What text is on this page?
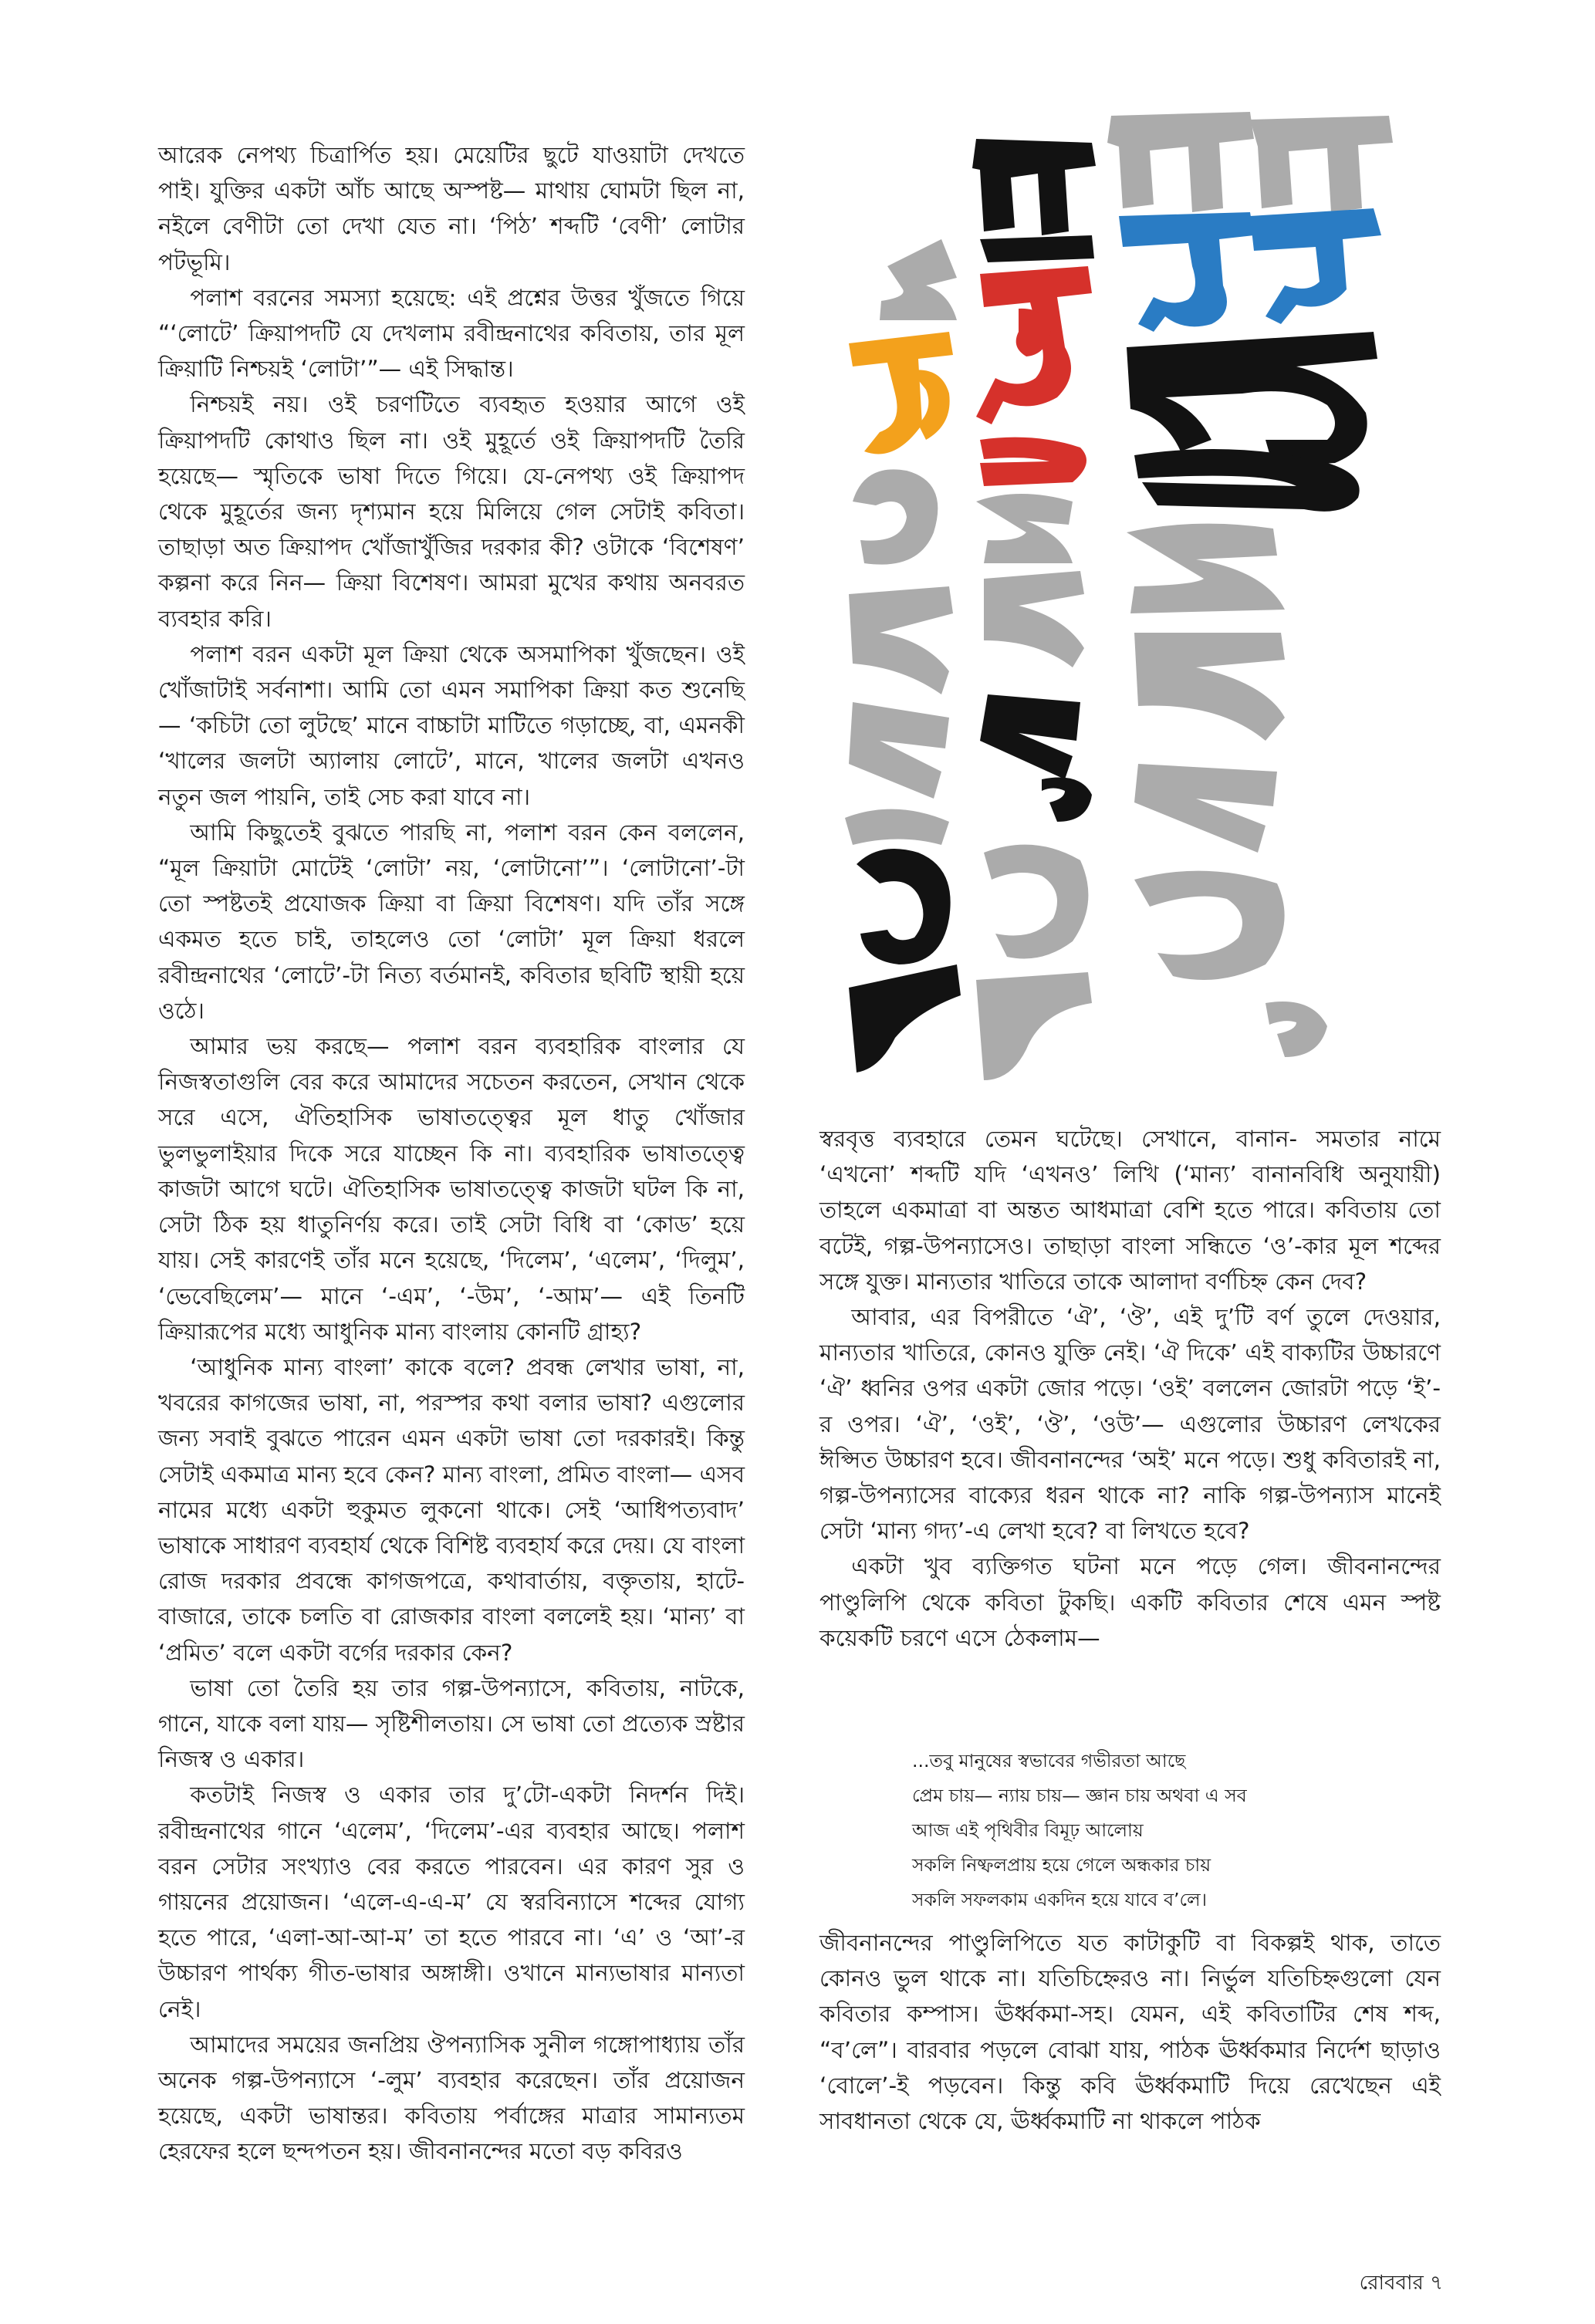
আরেক নেপথ্য চিত্রার্পিত হয়। মেয়েটির ছুটে যাওয়াটা দেখতে পাই। যুক্তির একটা আঁচ আছে অস্পষ্ট— মাথায় ঘোমটা ছিল না, নইলে বেণীটা তো দেখা যেত না। ‘পিঠ’ শব্দটি ‘বেণী’ লোটার পটভূমি।

পলাশ বরনের সমস্যা হয়েছে: এই প্রশ্নের উত্তর খুঁজতে গিয়ে “‘লোটে’ ক্রিয়াপদটি যে দেখলাম রবীন্দ্রনাথের কবিতায়, তার মূল ক্রিয়াটি নিশ্চয়ই ‘লোটা’”— এই সিদ্ধান্ত।

নিশ্চয়ই নয়। ওই চরণটিতে ব্যবহৃত হওয়ার আগে ওই ক্রিয়াপদটি কোথাও ছিল না। ওই মুহূর্তে ওই ক্রিয়াপদটি তৈরি হয়েছে— স্মৃতিকে ভাষা দিতে গিয়ে। যে-নেপথ্য ওই ক্রিয়াপদ থেকে মুহূর্তের জন্য দৃশ্যমান হয়ে মিলিয়ে গেল সেটাই কবিতা। তাছাড়া অত ক্রিয়াপদ খোঁজাখুঁজির দরকার কী? ওটাকে ‘বিশেষণ’ কল্পনা করে নিন— ক্রিয়া বিশেষণ। আমরা মুখের কথায় অনবরত ব্যবহার করি।

পলাশ বরন একটা মূল ক্রিয়া থেকে অসমাপিকা খুঁজছেন। ওই খোঁজাটাই সর্বনাশা। আমি তো এমন সমাপিকা ক্রিয়া কত শুনেছি— ‘কচিটা তো লুটছে’ মানে বাচ্চাটা মাটিতে গড়াচ্ছে, বা, এমনকী ‘খালের জলটা অ্যালায় লোটে’, মানে, খালের জলটা এখনও নতুন জল পায়নি, তাই সেচ করা যাবে না।

আমি কিছুতেই বুঝতে পারছি না, পলাশ বরন কেন বললেন, “মূল ক্রিয়াটা মোটেই ‘লোটা’ নয়, ‘লোটানো’”। ‘লোটানো’-টা তো স্পষ্টতই প্রযোজক ক্রিয়া বা ক্রিয়া বিশেষণ। যদি তাঁর সঙ্গে একমত হতে চাই, তাহলেও তো ‘লোটা’ মূল ক্রিয়া ধরলে রবীন্দ্রনাথের ‘লোটে’-টা নিত্য বর্তমানই, কবিতার ছবিটি স্থায়ী হয়ে ওঠে।

আমার ভয় করছে— পলাশ বরন ব্যবহারিক বাংলার যে নিজস্বতাগুলি বের করে আমাদের সচেতন করতেন, সেখান থেকে সরে এসে, ঐতিহাসিক ভাষাতত্ত্বের মূল ধাতু খোঁজার ভুলভুলাইয়ার দিকে সরে যাচ্ছেন কি না। ব্যবহারিক ভাষাতত্ত্বে কাজটা আগে ঘটে। ঐতিহাসিক ভাষাতত্ত্বে কাজটা ঘটল কি না, সেটা ঠিক হয় ধাতুনির্ণয় করে। তাই সেটা বিধি বা ‘কোড’ হয়ে যায়। সেই কারণেই তাঁর মনে হয়েছে, ‘দিলেম’, ‘এলেম’, ‘দিলুম’, ‘ভেবেছিলেম’— মানে ‘-এম’, ‘-উম’, ‘-আম’— এই তিনটি ক্রিয়ারূপের মধ্যে আধুনিক মান্য বাংলায় কোনটি গ্রাহ্য?

‘আধুনিক মান্য বাংলা’ কাকে বলে? প্রবন্ধ লেখার ভাষা, না, খবরের কাগজের ভাষা, না, পরস্পর কথা বলার ভাষা? এগুলোর জন্য সবাই বুঝতে পারেন এমন একটা ভাষা তো দরকারই। কিন্তু সেটাই একমাত্র মান্য হবে কেন? মান্য বাংলা, প্রমিত বাংলা— এসব নামের মধ্যে একটা হুকুমত লুকনো থাকে। সেই ‘আধিপত্যবাদ’ ভাষাকে সাধারণ ব্যবহার্য থেকে বিশিষ্ট ব্যবহার্য করে দেয়। যে বাংলা রোজ দরকার প্রবন্ধে কাগজপত্রে, কথাবার্তায়, বক্তৃতায়, হাটে-বাজারে, তাকে চলতি বা রোজকার বাংলা বললেই হয়। ‘মান্য’ বা ‘প্রমিত’ বলে একটা বর্গের দরকার কেন?

ভাষা তো তৈরি হয় তার গল্প-উপন্যাসে, কবিতায়, নাটকে, গানে, যাকে বলা যায়— সৃষ্টিশীলতায়। সে ভাষা তো প্রত্যেক স্রষ্টার নিজস্ব ও একার।

কতটাই নিজস্ব ও একার তার দু’টো-একটা নিদর্শন দিই। রবীন্দ্রনাথের গানে ‘এলেম’, ‘দিলেম’-এর ব্যবহার আছে। পলাশ বরন সেটার সংখ্যাও বের করতে পারবেন। এর কারণ সুর ও গায়নের প্রয়োজন। ‘এলে-এ-এ-ম’ যে স্বরবিন্যাসে শব্দের যোগ্য হতে পারে, ‘এলা-আ-আ-ম’ তা হতে পারবে না। ‘এ’ ও ‘আ’-র উচ্চারণ পার্থক্য গীত-ভাষার অঙ্গাঙ্গী। ওখানে মান্যভাষার মান্যতা নেই।

আমাদের সময়ের জনপ্রিয় ঔপন্যাসিক সুনীল গঙ্গোপাধ্যায় তাঁর অনেক গল্প-উপন্যাসে ‘-লুম’ ব্যবহার করেছেন। তাঁর প্রয়োজন হয়েছে, একটা ভাষান্তর। কবিতায় পর্বাঙ্গের মাত্রার সামান্যতম হেরফের হলে ছন্দপতন হয়। জীবনানন্দের মতো বড় কবিরও

স্বরবৃত্ত ব্যবহারে তেমন ঘটেছে। সেখানে, বানান- সমতার নামে ‘এখনো’ শব্দটি যদি ‘এখনও’ লিখি (‘মান্য’ বানানবিধি অনুযায়ী) তাহলে একমাত্রা বা অন্তত আধমাত্রা বেশি হতে পারে। কবিতায় তো বটেই, গল্প-উপন্যাসেও। তাছাড়া বাংলা সন্ধিতে ‘ও’-কার মূল শব্দের সঙ্গে যুক্ত। মান্যতার খাতিরে তাকে আলাদা বর্ণচিহ্ন কেন দেব?

আবার, এর বিপরীতে ‘ঐ’, ‘ঔ’, এই দু’টি বর্ণ তুলে দেওয়ার, মান্যতার খাতিরে, কোনও যুক্তি নেই। ‘ঐ দিকে’ এই বাক্যটির উচ্চারণে ‘ঐ’ ধ্বনির ওপর একটা জোর পড়ে। ‘ওই’ বললেন জোরটা পড়ে ‘ই’-র ওপর। ‘ঐ’, ‘ওই’, ‘ঔ’, ‘ওউ’— এগুলোর উচ্চারণ লেখকের ঈপ্সিত উচ্চারণ হবে। জীবনানন্দের ‘অই’ মনে পড়ে। শুধু কবিতারই না, গল্প-উপন্যাসের বাক্যের ধরন থাকে না? নাকি গল্প-উপন্যাস মানেই সেটা ‘মান্য গদ্য’-এ লেখা হবে? বা লিখতে হবে?

একটা খুব ব্যক্তিগত ঘটনা মনে পড়ে গেল। জীবনানন্দের পাণ্ডুলিপি থেকে কবিতা টুকছি। একটি কবিতার শেষে এমন স্পষ্ট কয়েকটি চরণে এসে ঠেকলাম—

...তবু মানুষের স্বভাবের গভীরতা আছে
প্রেম চায়— ন্যায় চায়— জ্ঞান চায় অথবা এ সব
আজ এই পৃথিবীর বিমূঢ় আলোয়
সকলি নিষ্ফলপ্রায় হয়ে গেলে অন্ধকার চায়
সকলি সফলকাম একদিন হয়ে যাবে ব’লে।

জীবনানন্দের পাণ্ডুলিপিতে যত কাটাকুটি বা বিকল্পই থাক, তাতে কোনও ভুল থাকে না। যতিচিহ্নেরও না। নির্ভুল যতিচিহ্নগুলো যেন কবিতার কম্পাস। ঊর্ধ্বকমা-সহ। যেমন, এই কবিতাটির শেষ শব্দ, “ব’লে”। বারবার পড়লে বোঝা যায়, পাঠক ঊর্ধ্বকমার নির্দেশ ছাড়াও ‘বোলে’-ই পড়বেন। কিন্তু কবি ঊর্ধ্বকমাটি দিয়ে রেখেছেন এই সাবধানতা থেকে যে, ঊর্ধ্বকমাটি না থাকলে পাঠক

রোববার ৭
